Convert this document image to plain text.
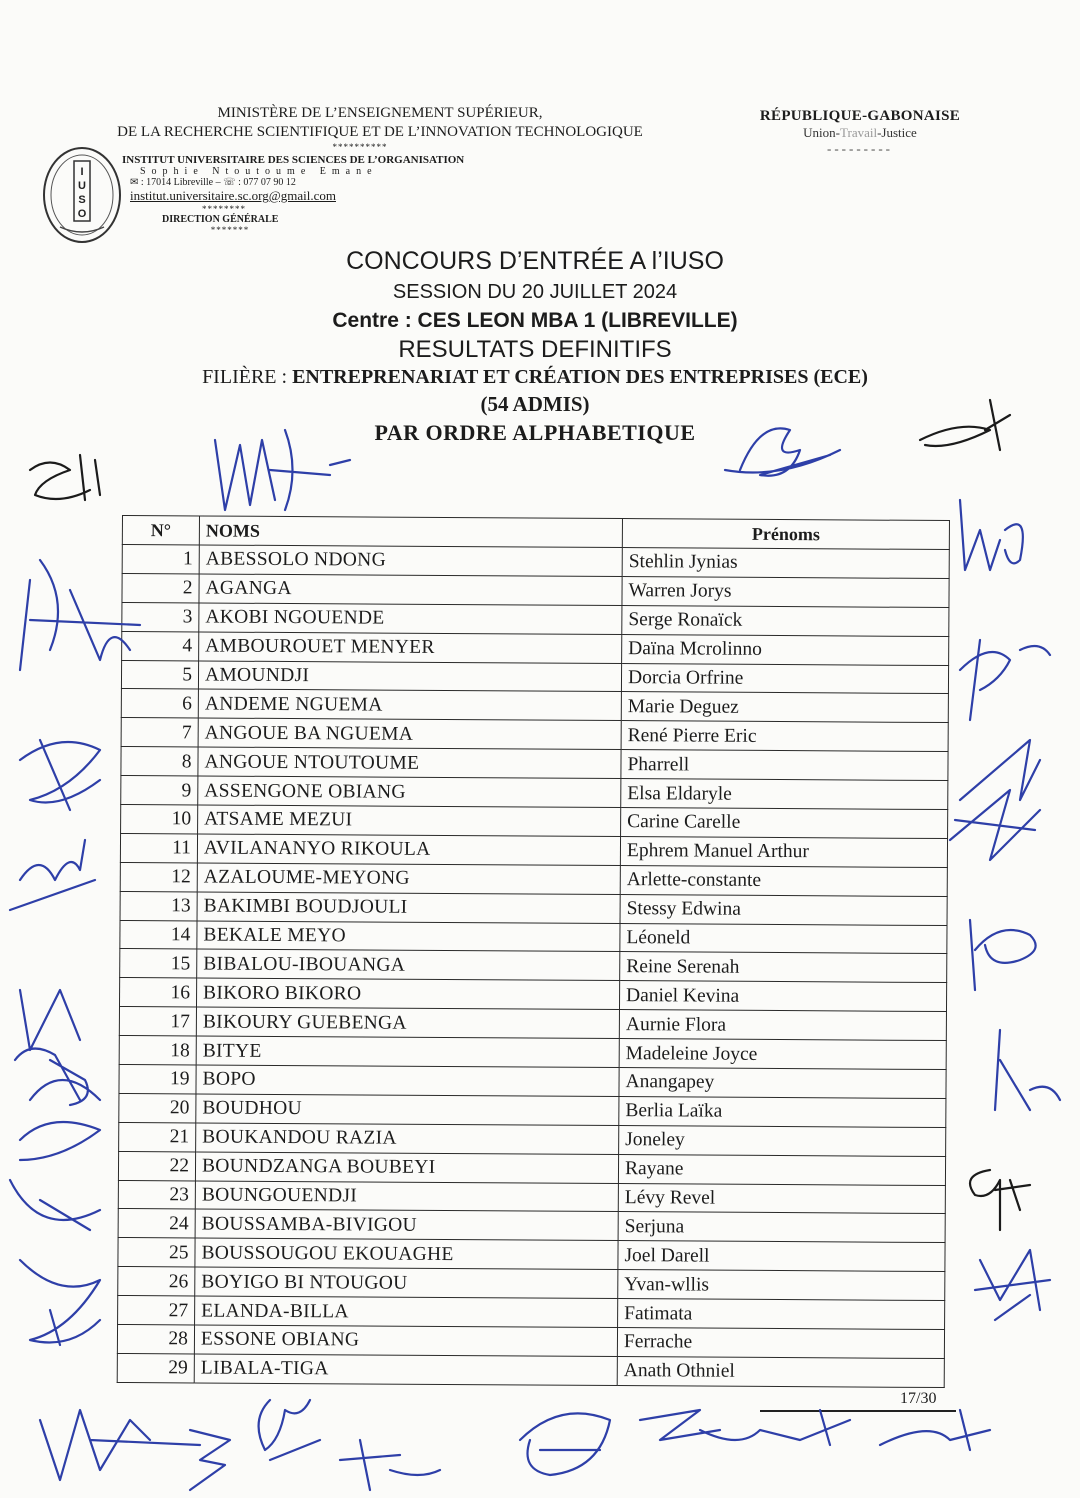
MINISTÈRE DE L’ENSEIGNEMENT SUPÉRIEUR,
DE LA RECHERCHE SCIENTIFIQUE ET DE L’INNOVATION TECHNOLOGIQUE
**********
INSTITUT UNIVERSITAIRE DES SCIENCES DE L’ORGANISATION
Sophie Ntoutoume Emane
✉ : 17014 Libreville – ☏ : 077 07 90 12
institut.universitaire.sc.org@gmail.com
********
DIRECTION GÉNÉRALE
*******
I
U
S
O
RÉPUBLIQUE-GABONAISE
Union-Travail-Justice
---------
CONCOURS D’ENTRÉE A l’IUSO
SESSION DU 20 JUILLET 2024
Centre : CES LEON MBA 1 (LIBREVILLE)
RESULTATS DEFINITIFS
FILIÈRE : ENTREPRENARIAT ET CRÉATION DES ENTREPRISES (ECE)
(54 ADMIS)
PAR ORDRE ALPHABETIQUE
N°	NOMS	Prénoms
1	ABESSOLO NDONG	Stehlin Jynias
2	AGANGA	Warren Jorys
3	AKOBI NGOUENDE	Serge Ronaïck
4	AMBOUROUET MENYER	Daïna Mcrolinno
5	AMOUNDJI	Dorcia Orfrine
6	ANDEME NGUEMA	Marie Deguez
7	ANGOUE BA NGUEMA	René Pierre Eric
8	ANGOUE NTOUTOUME	Pharrell
9	ASSENGONE OBIANG	Elsa Eldaryle
10	ATSAME MEZUI	Carine Carelle
11	AVILANANYO RIKOULA	Ephrem Manuel Arthur
12	AZALOUME-MEYONG	Arlette-constante
13	BAKIMBI BOUDJOULI	Stessy Edwina
14	BEKALE MEYO	Léoneld
15	BIBALOU-IBOUANGA	Reine Serenah
16	BIKORO BIKORO	Daniel Kevina
17	BIKOURY GUEBENGA	Aurnie Flora
18	BITYE	Madeleine Joyce
19	BOPO	Anangapey
20	BOUDHOU	Berlia Laïka
21	BOUKANDOU RAZIA	Joneley
22	BOUNDZANGA BOUBEYI	Rayane
23	BOUNGOUENDJI	Lévy Revel
24	BOUSSAMBA-BIVIGOU	Serjuna
25	BOUSSOUGOU EKOUAGHE	Joel Darell
26	BOYIGO BI NTOUGOU	Yvan-wllis
27	ELANDA-BILLA	Fatimata
28	ESSONE OBIANG	Ferrache
29	LIBALA-TIGA	Anath Othniel
17/30
